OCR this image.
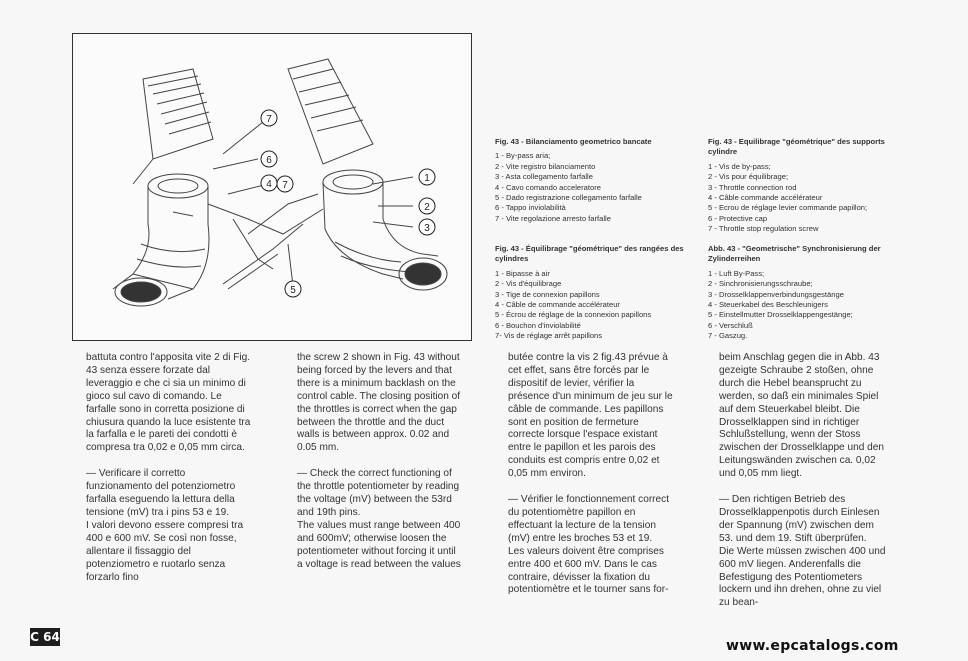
7
6
4 7
1
2
3
5
Fig. 43 - Bilanciamento geometrico bancate
1 - By-pass aria;
2 - Vite registro bilanciamento
3 - Asta collegamento farfalle
4 - Cavo comando acceleratore
5 - Dado registrazione collegamento farfalle
6 - Tappo inviolabilità
7 - Vite regolazione arresto farfalle
Fig. 43 - Équilibrage "géométrique" des rangées des cylindres
1 - Bipasse à air
2 - Vis d'équilibrage
3 - Tige de connexion papillons
4 - Câble de commande accélérateur
5 - Écrou de réglage de la connexion papillons
6 - Bouchon d'inviolabilité
7- Vis de réglage arrêt papillons
Fig. 43 - Equilibrage "géométrique" des supports cylindre
1 - Vis de by-pass;
2 - Vis pour équilibrage;
3 - Throttle connection rod
4 - Câble commande accélérateur
5 - Ecrou de réglage levier commande papillon;
6 - Protective cap
7 - Throttle stop regulation screw
Abb. 43 - "Geometrische" Synchronisierung der Zylinderreihen
1 - Luft By-Pass;
2 - Sinchronisierungsschraube;
3 - Drosselklappenverbindungsgestänge
4 - Steuerkabel des Beschleunigers
5 - Einstellmutter Drosselklappengestänge;
6 - Verschluß
7 - Gaszug.

battuta contro l'apposita vite 2 di Fig. 43 senza essere forzate dal leveraggio e che ci sia un minimo di gioco sul cavo di comando. Le farfalle sono in corretta posizione di chiusura quando la luce esistente tra la farfalla e le pareti dei condotti è compresa tra 0,02 e 0,05 mm circa.

— Verificare il corretto funzionamento del potenziometro farfalla eseguendo la lettura della tensione (mV) tra i pins 53 e 19.

I valori devono essere compresi tra 400 e 600 mV. Se così non fosse, allentare il fissaggio del potenziometro e ruotarlo senza forzarlo fino

the screw 2 shown in Fig. 43 without being forced by the levers and that there is a minimum backlash on the control cable. The closing position of the throttles is correct when the gap between the throttle and the duct walls is between approx. 0.02 and 0.05 mm.

— Check the correct functioning of the throttle potentiometer by reading the voltage (mV) between the 53rd and 19th pins.

The values must range between 400 and 600mV; otherwise loosen the potentiometer without forcing it until a voltage is read between the values

butée contre la vis 2 fig.43 prévue à cet effet, sans être forcés par le dispositif de levier, vérifier la présence d'un minimum de jeu sur le câble de commande. Les papillons sont en position de fermeture correcte lorsque l'espace existant entre le papillon et les parois des conduits est compris entre 0,02 et 0,05 mm environ.

— Vérifier le fonctionnement correct du potentiomètre papillon en effectuant la lecture de la tension (mV) entre les broches 53 et 19.

Les valeurs doivent être comprises entre 400 et 600 mV. Dans le cas contraire, dévisser la fixation du potentiomètre et le tourner sans for-

beim Anschlag gegen die in Abb. 43 gezeigte Schraube 2 stoßen, ohne durch die Hebel beansprucht zu werden, so daß ein minimales Spiel auf dem Steuerkabel bleibt. Die Drosselklappen sind in richtiger Schlußstellung, wenn der Stoss zwischen der Drosselklappe und den Leitungswänden zwischen ca. 0,02 und 0,05 mm liegt.

— Den richtigen Betrieb des Drosselklappenpotis durch Einlesen der Spannung (mV) zwischen dem 53. und dem 19. Stift überprüfen.

Die Werte müssen zwischen 400 und 600 mV liegen. Anderenfalls die Befestigung des Potentiometers lockern und ihn drehen, ohne zu viel zu bean-

C 64
www.epcatalogs.com
